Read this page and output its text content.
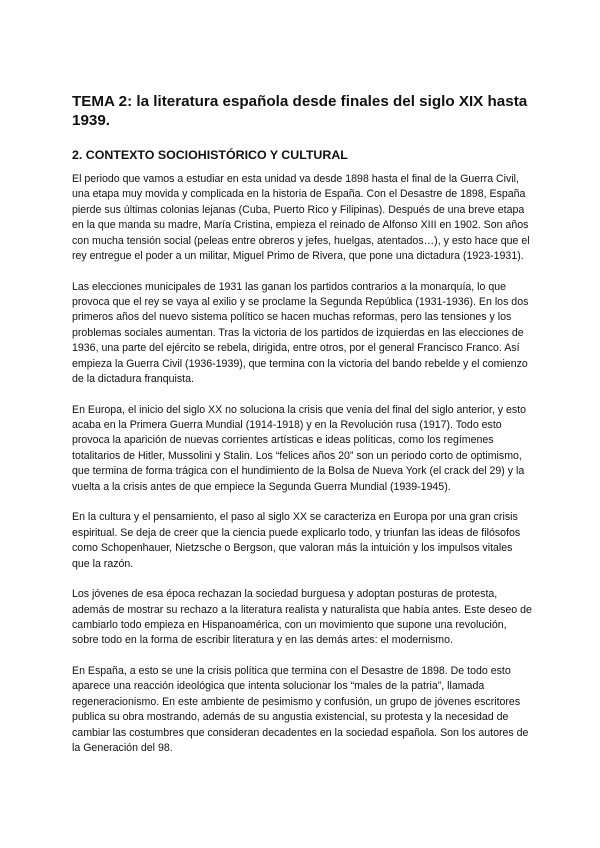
TEMA 2: la literatura española desde finales del siglo XIX hasta 1939.
2. CONTEXTO SOCIOHISTÓRICO Y CULTURAL

El periodo que vamos a estudiar en esta unidad va desde 1898 hasta el final de la Guerra Civil, una etapa muy movida y complicada en la historia de España. Con el Desastre de 1898, España pierde sus últimas colonias lejanas (Cuba, Puerto Rico y Filipinas). Después de una breve etapa en la que manda su madre, María Cristina, empieza el reinado de Alfonso XIII en 1902. Son años con mucha tensión social (peleas entre obreros y jefes, huelgas, atentados…), y esto hace que el rey entregue el poder a un militar, Miguel Primo de Rivera, que pone una dictadura (1923-1931).

Las elecciones municipales de 1931 las ganan los partidos contrarios a la monarquía, lo que provoca que el rey se vaya al exilio y se proclame la Segunda República (1931-1936). En los dos primeros años del nuevo sistema político se hacen muchas reformas, pero las tensiones y los problemas sociales aumentan. Tras la victoria de los partidos de izquierdas en las elecciones de 1936, una parte del ejército se rebela, dirigida, entre otros, por el general Francisco Franco. Así empieza la Guerra Civil (1936-1939), que termina con la victoria del bando rebelde y el comienzo de la dictadura franquista.

En Europa, el inicio del siglo XX no soluciona la crisis que venía del final del siglo anterior, y esto acaba en la Primera Guerra Mundial (1914-1918) y en la Revolución rusa (1917). Todo esto provoca la aparición de nuevas corrientes artísticas e ideas políticas, como los regímenes totalitarios de Hitler, Mussolini y Stalin. Los “felices años 20” son un periodo corto de optimismo, que termina de forma trágica con el hundimiento de la Bolsa de Nueva York (el crack del 29) y la vuelta a la crisis antes de que empiece la Segunda Guerra Mundial (1939-1945).

En la cultura y el pensamiento, el paso al siglo XX se caracteriza en Europa por una gran crisis espiritual. Se deja de creer que la ciencia puede explicarlo todo, y triunfan las ideas de filósofos como Schopenhauer, Nietzsche o Bergson, que valoran más la intuición y los impulsos vitales que la razón.

Los jóvenes de esa época rechazan la sociedad burguesa y adoptan posturas de protesta, además de mostrar su rechazo a la literatura realista y naturalista que había antes. Este deseo de cambiarlo todo empieza en Hispanoamérica, con un movimiento que supone una revolución, sobre todo en la forma de escribir literatura y en las demás artes: el modernismo.

En España, a esto se une la crisis política que termina con el Desastre de 1898. De todo esto aparece una reacción ideológica que intenta solucionar los “males de la patria”, llamada regeneracionismo. En este ambiente de pesimismo y confusión, un grupo de jóvenes escritores publica su obra mostrando, además de su angustia existencial, su protesta y la necesidad de cambiar las costumbres que consideran decadentes en la sociedad española. Son los autores de la Generación del 98.
